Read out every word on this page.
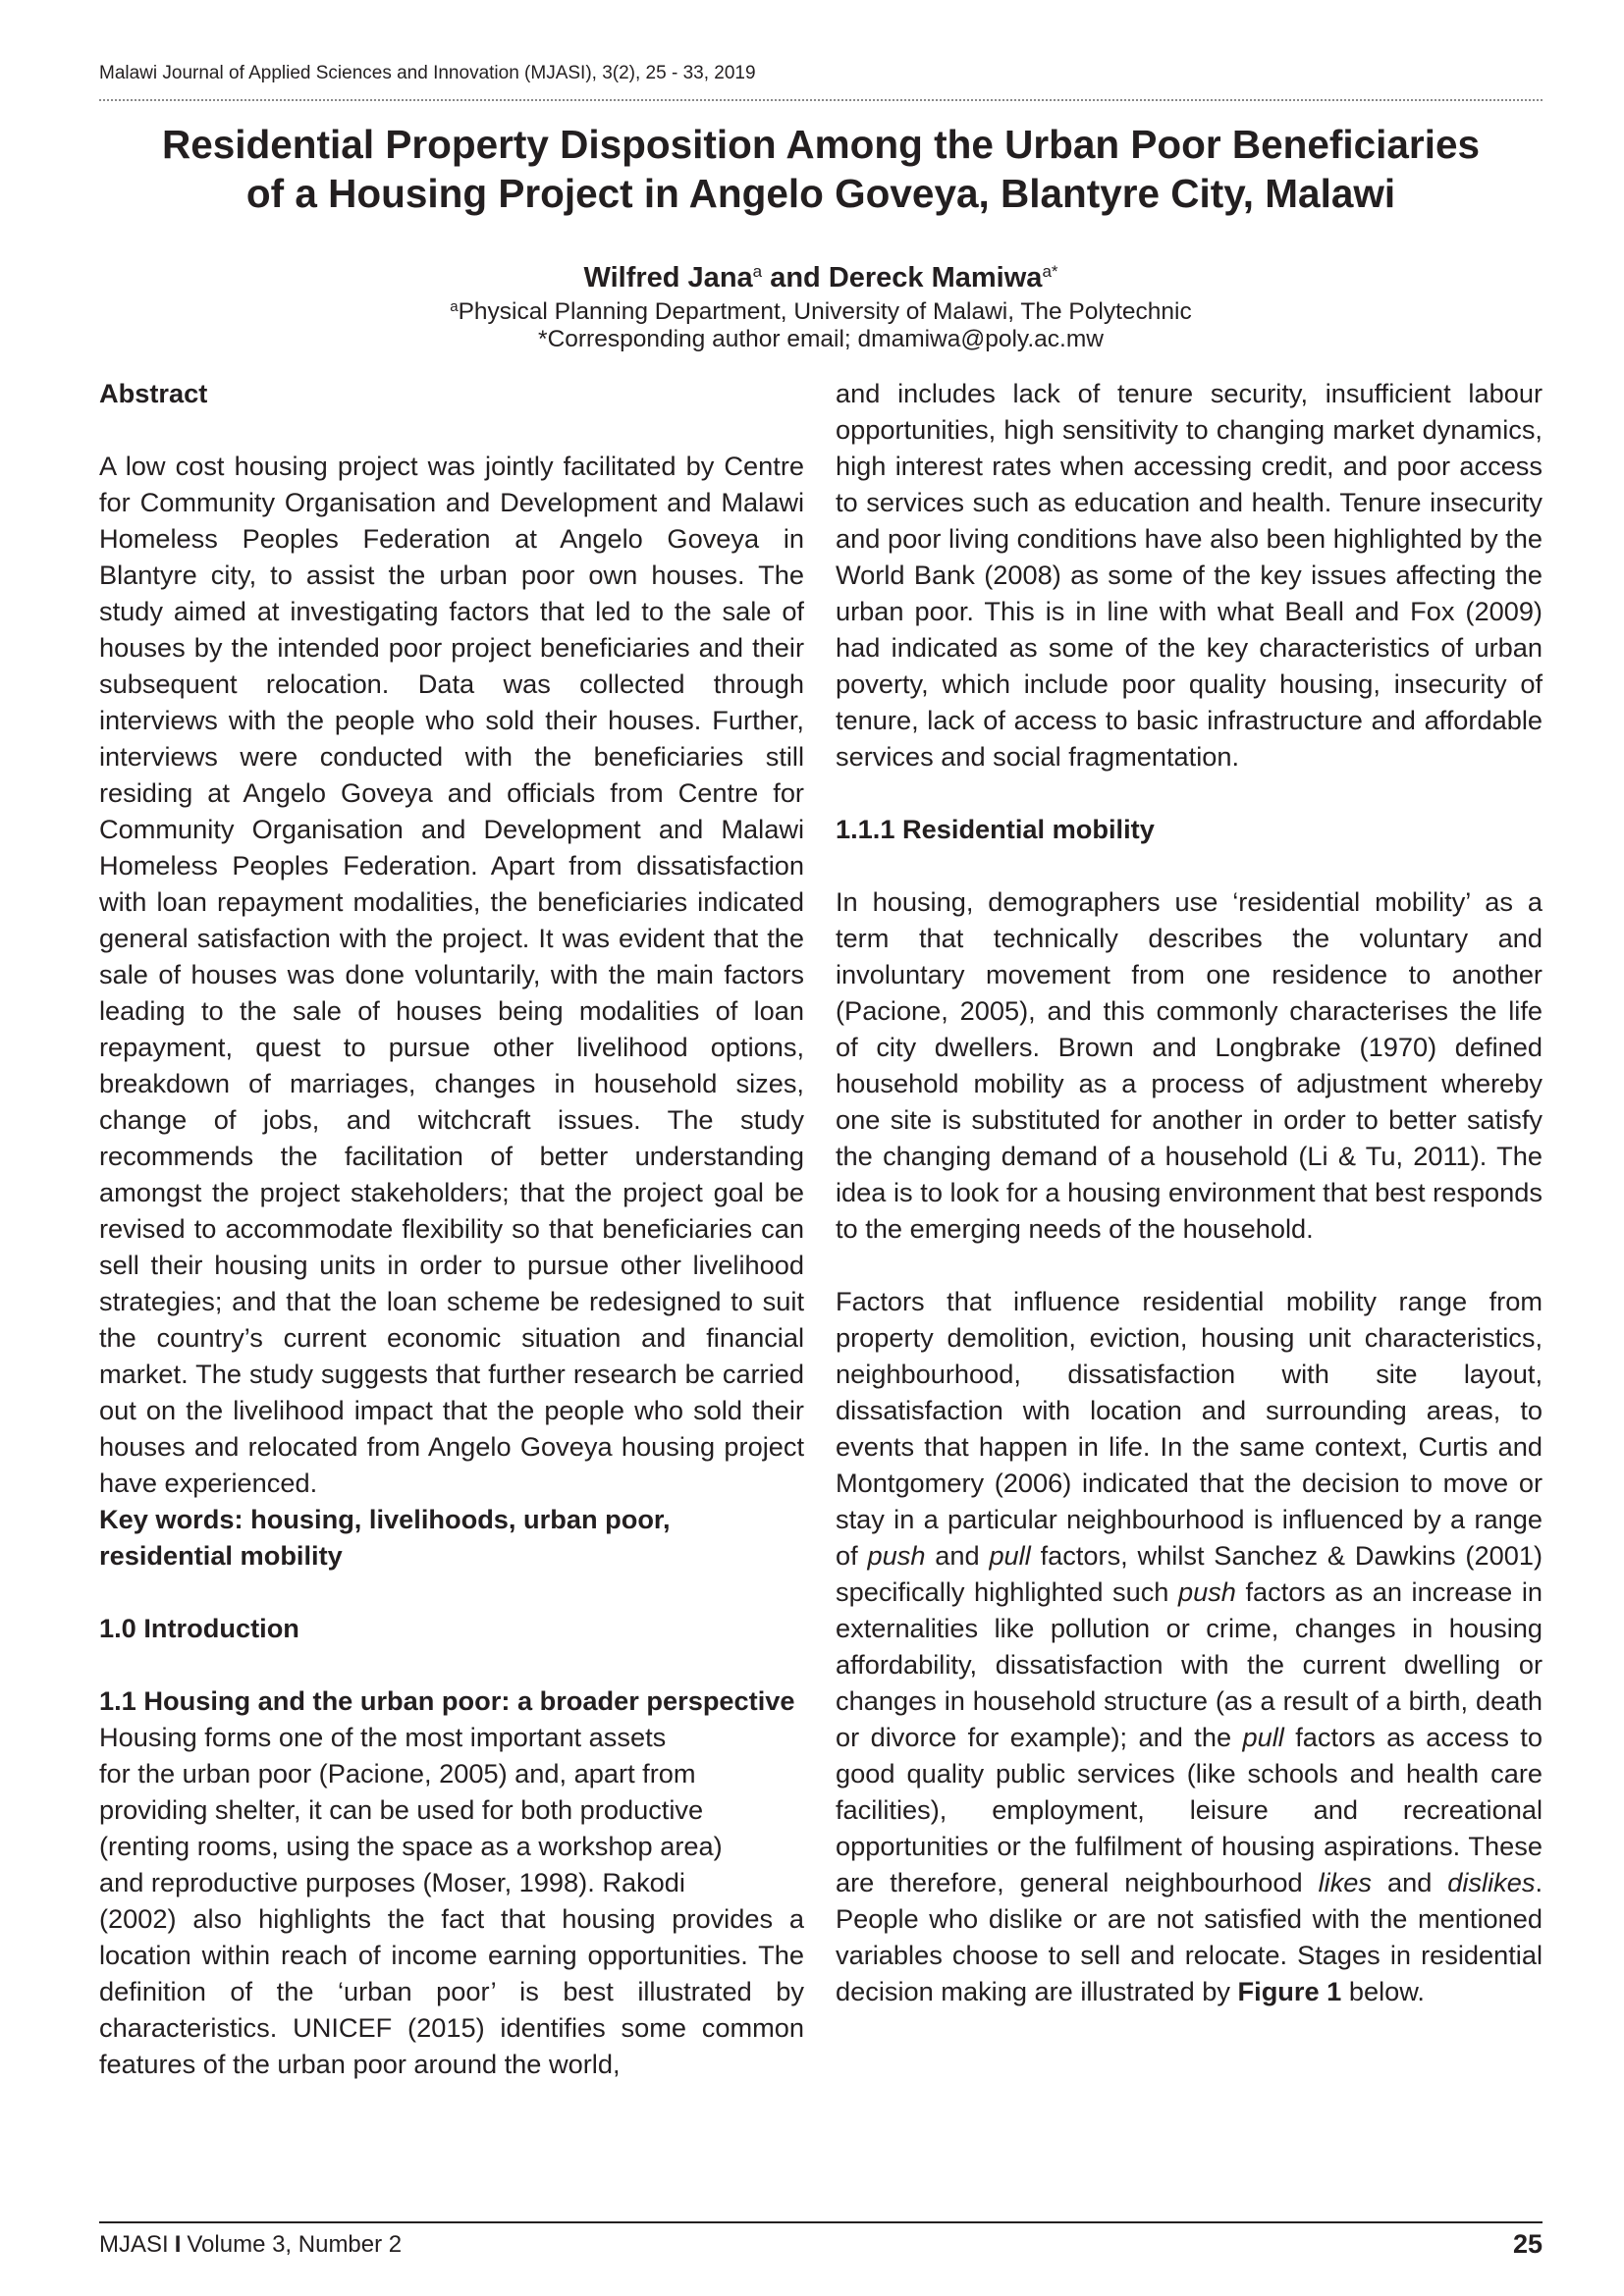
Malawi Journal of Applied Sciences and Innovation (MJASI), 3(2), 25 - 33, 2019
Residential Property Disposition Among the Urban Poor Beneficiaries
of a Housing Project in Angelo Goveya, Blantyre City, Malawi
Wilfred Jana$^a$ and Dereck Mamiwa$^{a*}$
$^a$Physical Planning Department, University of Malawi, The Polytechnic
*Corresponding author email; dmamiwa@poly.ac.mw

Abstract

A low cost housing project was jointly facilitated by Centre for Community Organisation and Development and Malawi Homeless Peoples Federation at Angelo Goveya in Blantyre city, to assist the urban poor own houses. The study aimed at investigating factors that led to the sale of houses by the intended poor project beneficiaries and their subsequent relocation. Data was collected through interviews with the people who sold their houses. Further, interviews were conducted with the beneficiaries still residing at Angelo Goveya and officials from Centre for Community Organisation and Development and Malawi Homeless Peoples Federation. Apart from dissatisfaction with loan repayment modalities, the beneficiaries indicated general satisfaction with the project. It was evident that the sale of houses was done voluntarily, with the main factors leading to the sale of houses being modalities of loan repayment, quest to pursue other livelihood options, breakdown of marriages, changes in household sizes, change of jobs, and witchcraft issues. The study recommends the facilitation of better understanding amongst the project stakeholders; that the project goal be revised to accommodate flexibility so that beneficiaries can sell their housing units in order to pursue other livelihood strategies; and that the loan scheme be redesigned to suit the country’s current economic situation and financial market. The study suggests that further research be carried out on the livelihood impact that the people who sold their houses and relocated from Angelo Goveya housing project have experienced.

Key words: housing, livelihoods, urban poor, residential mobility

1.0 Introduction

1.1 Housing and the urban poor: a broader perspective

Housing forms one of the most important assets
for the urban poor (Pacione, 2005) and, apart from
providing shelter, it can be used for both productive
(renting rooms, using the space as a workshop area)
and reproductive purposes (Moser, 1998). Rakodi

(2002) also highlights the fact that housing provides a location within reach of income earning opportunities. The definition of the ‘urban poor’ is best illustrated by characteristics. UNICEF (2015) identifies some common features of the urban poor around the world,

and includes lack of tenure security, insufficient labour opportunities, high sensitivity to changing market dynamics, high interest rates when accessing credit, and poor access to services such as education and health. Tenure insecurity and poor living conditions have also been highlighted by the World Bank (2008) as some of the key issues affecting the urban poor. This is in line with what Beall and Fox (2009) had indicated as some of the key characteristics of urban poverty, which include poor quality housing, insecurity of tenure, lack of access to basic infrastructure and affordable services and social fragmentation.

1.1.1 Residential mobility

In housing, demographers use ‘residential mobility’ as a term that technically describes the voluntary and involuntary movement from one residence to another (Pacione, 2005), and this commonly characterises the life of city dwellers. Brown and Longbrake (1970) defined household mobility as a process of adjustment whereby one site is substituted for another in order to better satisfy the changing demand of a household (Li & Tu, 2011). The idea is to look for a housing environment that best responds to the emerging needs of the household.

Factors that influence residential mobility range from property demolition, eviction, housing unit characteristics, neighbourhood, dissatisfaction with site layout, dissatisfaction with location and surrounding areas, to events that happen in life. In the same context, Curtis and Montgomery (2006) indicated that the decision to move or stay in a particular neighbourhood is influenced by a range of push and pull factors, whilst Sanchez & Dawkins (2001) specifically highlighted such push factors as an increase in externalities like pollution or crime, changes in housing affordability, dissatisfaction with the current dwelling or changes in household structure (as a result of a birth, death or divorce for example); and the pull factors as access to good quality public services (like schools and health care facilities), employment, leisure and recreational opportunities or the fulfilment of housing aspirations. These are therefore, general neighbourhood likes and dislikes. People who dislike or are not satisfied with the mentioned variables choose to sell and relocate. Stages in residential decision making are illustrated by Figure 1 below.

MJASI I Volume 3, Number 2	25
